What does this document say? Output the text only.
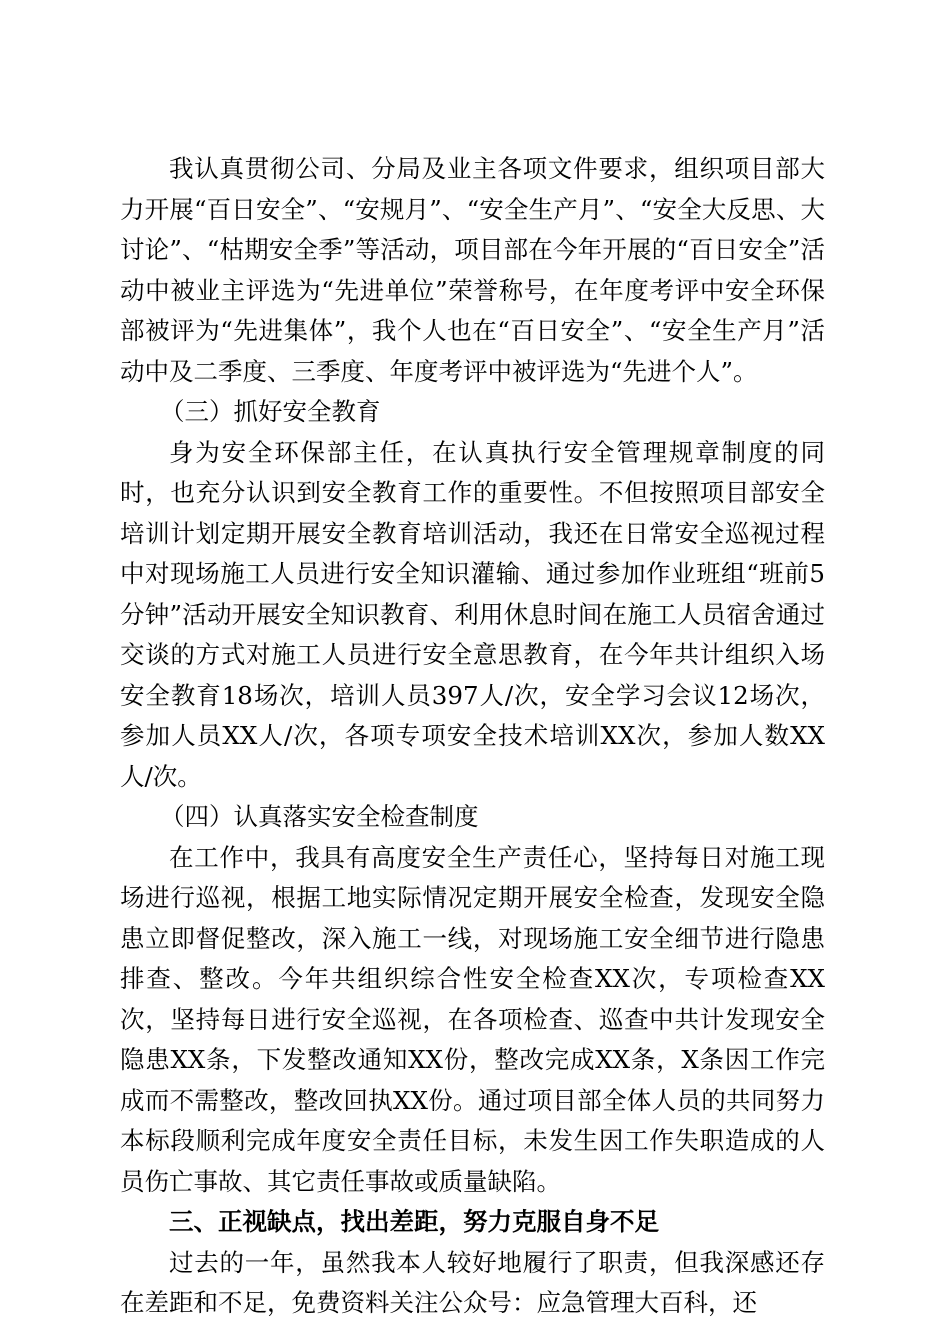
我认真贯彻公司、分局及业主各项文件要求，组织项目部大力开展“百日安全”、“安规月”、“安全生产月”、“安全大反思、大讨论”、“枯期安全季”等活动，项目部在今年开展的“百日安全”活动中被业主评选为“先进单位”荣誉称号，在年度考评中安全环保部被评为“先进集体”，我个人也在“百日安全”、“安全生产月”活动中及二季度、三季度、年度考评中被评选为“先进个人”。

（三）抓好安全教育

身为安全环保部主任，在认真执行安全管理规章制度的同时，也充分认识到安全教育工作的重要性。不但按照项目部安全培训计划定期开展安全教育培训活动，我还在日常安全巡视过程中对现场施工人员进行安全知识灌输、通过参加作业班组“班前5分钟”活动开展安全知识教育、利用休息时间在施工人员宿舍通过交谈的方式对施工人员进行安全意思教育，在今年共计组织入场安全教育18场次，培训人员397人/次，安全学习会议12场次，参加人员XX人/次，各项专项安全技术培训XX次，参加人数XX人/次。

（四）认真落实安全检查制度

在工作中，我具有高度安全生产责任心，坚持每日对施工现场进行巡视，根据工地实际情况定期开展安全检查，发现安全隐患立即督促整改，深入施工一线，对现场施工安全细节进行隐患排查、整改。今年共组织综合性安全检查XX次，专项检查XX次，坚持每日进行安全巡视，在各项检查、巡查中共计发现安全隐患XX条，下发整改通知XX份，整改完成XX条，X条因工作完成而不需整改，整改回执XX份。通过项目部全体人员的共同努力本标段顺利完成年度安全责任目标，未发生因工作失职造成的人员伤亡事故、其它责任事故或质量缺陷。

三、正视缺点，找出差距，努力克服自身不足

过去的一年，虽然我本人较好地履行了职责，但我深感还存在差距和不足，免费资料关注公众号：应急管理大百科，还
